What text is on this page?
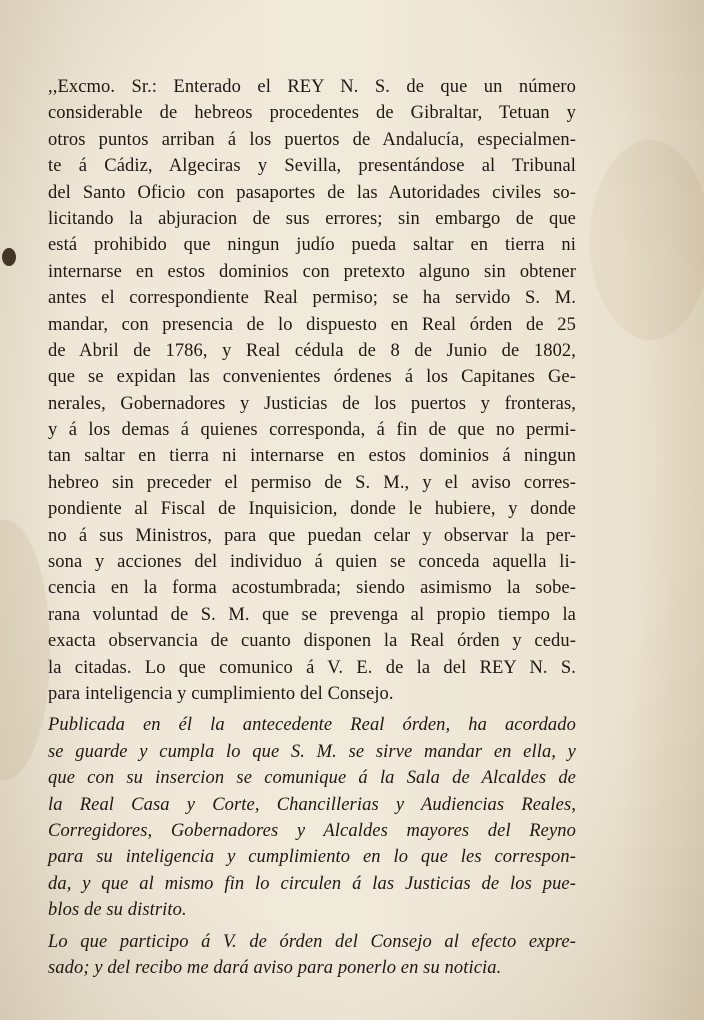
,,Excmo. Sr.: Enterado el REY N. S. de que un número
considerable de hebreos procedentes de Gibraltar, Tetuan y
otros puntos arriban á los puertos de Andalucía, especialmen-
te á Cádiz, Algeciras y Sevilla, presentándose al Tribunal
del Santo Oficio con pasaportes de las Autoridades civiles so-
licitando la abjuracion de sus errores; sin embargo de que
está prohibido que ningun judío pueda saltar en tierra ni
internarse en estos dominios con pretexto alguno sin obtener
antes el correspondiente Real permiso; se ha servido S. M.
mandar, con presencia de lo dispuesto en Real órden de 25
de Abril de 1786, y Real cédula de 8 de Junio de 1802,
que se expidan las convenientes órdenes á los Capitanes Ge-
nerales, Gobernadores y Justicias de los puertos y fronteras,
y á los demas á quienes corresponda, á fin de que no permi-
tan saltar en tierra ni internarse en estos dominios á ningun
hebreo sin preceder el permiso de S. M., y el aviso corres-
pondiente al Fiscal de Inquisicion, donde le hubiere, y donde
no á sus Ministros, para que puedan celar y observar la per-
sona y acciones del individuo á quien se conceda aquella li-
cencia en la forma acostumbrada; siendo asimismo la sobe-
rana voluntad de S. M. que se prevenga al propio tiempo la
exacta observancia de cuanto disponen la Real órden y cedu-
la citadas. Lo que comunico á V. E. de la del REY N. S.
para inteligencia y cumplimiento del Consejo.
Publicada en él la antecedente Real órden, ha acordado
se guarde y cumpla lo que S. M. se sirve mandar en ella, y
que con su insercion se comunique á la Sala de Alcaldes de
la Real Casa y Corte, Chancillerias y Audiencias Reales,
Corregidores, Gobernadores y Alcaldes mayores del Reyno
para su inteligencia y cumplimiento en lo que les correspon-
da, y que al mismo fin lo circulen á las Justicias de los pue-
blos de su distrito.
Lo que participo á V. de órden del Consejo al efecto expre-
sado; y del recibo me dará aviso para ponerlo en su noticia.
